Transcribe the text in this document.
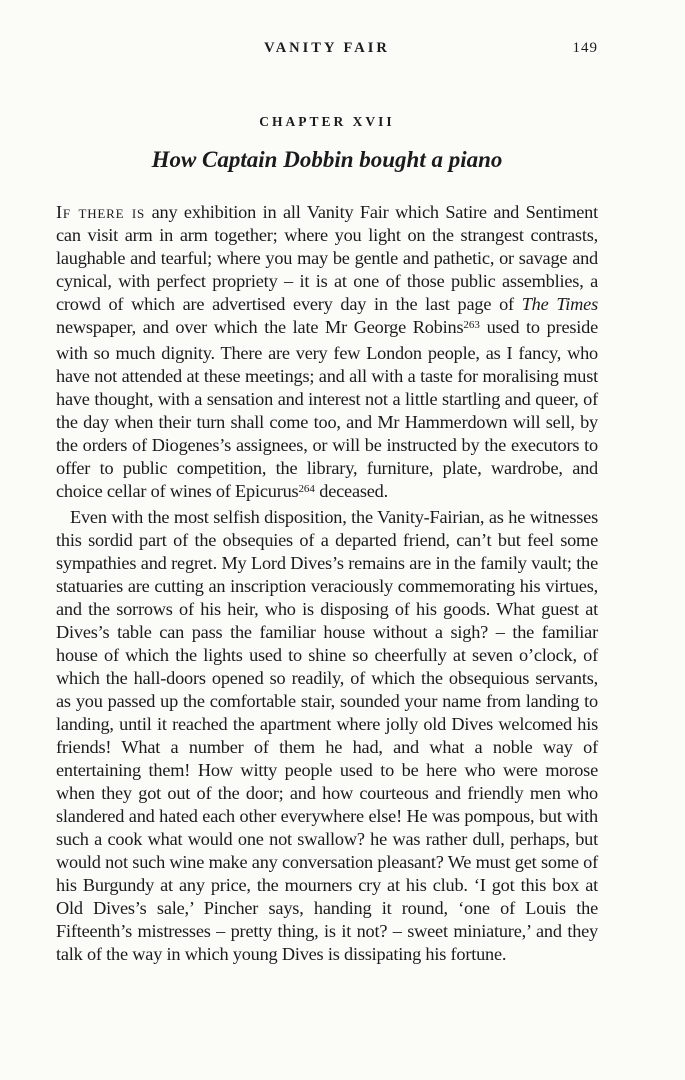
VANITY FAIR	149
CHAPTER XVII
How Captain Dobbin bought a piano

If there is any exhibition in all Vanity Fair which Satire and Sentiment can visit arm in arm together; where you light on the strangest contrasts, laughable and tearful; where you may be gentle and pathetic, or savage and cynical, with perfect propriety – it is at one of those public assemblies, a crowd of which are advertised every day in the last page of The Times newspaper, and over which the late Mr George Robins$^{263}$ used to preside with so much dignity. There are very few London people, as I fancy, who have not attended at these meetings; and all with a taste for moralising must have thought, with a sensation and interest not a little startling and queer, of the day when their turn shall come too, and Mr Hammerdown will sell, by the orders of Diogenes’s assignees, or will be instructed by the executors to offer to public competition, the library, furniture, plate, wardrobe, and choice cellar of wines of Epicurus$^{264}$ deceased.

Even with the most selfish disposition, the Vanity-Fairian, as he witnesses this sordid part of the obsequies of a departed friend, can’t but feel some sympathies and regret. My Lord Dives’s remains are in the family vault; the statuaries are cutting an inscription veraciously commemorating his virtues, and the sorrows of his heir, who is disposing of his goods. What guest at Dives’s table can pass the familiar house without a sigh? – the familiar house of which the lights used to shine so cheerfully at seven o’clock, of which the hall-doors opened so readily, of which the obsequious servants, as you passed up the comfortable stair, sounded your name from landing to landing, until it reached the apartment where jolly old Dives welcomed his friends! What a number of them he had, and what a noble way of entertaining them! How witty people used to be here who were morose when they got out of the door; and how courteous and friendly men who slandered and hated each other everywhere else! He was pompous, but with such a cook what would one not swallow? he was rather dull, perhaps, but would not such wine make any conversation pleasant? We must get some of his Burgundy at any price, the mourners cry at his club. ‘I got this box at Old Dives’s sale,’ Pincher says, handing it round, ‘one of Louis the Fifteenth’s mistresses – pretty thing, is it not? – sweet miniature,’ and they talk of the way in which young Dives is dissipating his fortune.
